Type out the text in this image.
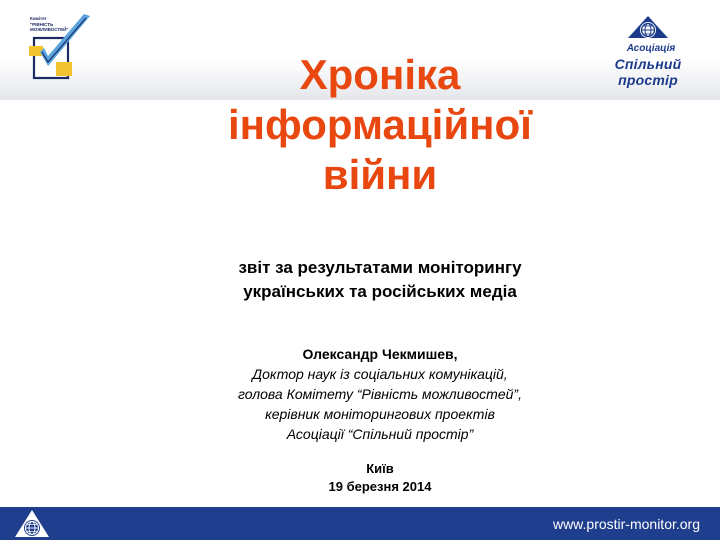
Комітет
"РІВНІСТЬ
МОЖЛИВОСТЕЙ"
Асоціація
Спільний простір
Хроніка
інформаційної
війни
звіт за результатами моніторингу
українських та російських медіа
Олександр Чекмишев,
Доктор наук із соціальних комунікацій,
голова Комітету “Рівність можливостей”,
керівник моніторингових проектів
Асоціації “Спільний простір”
Київ
19 березня 2014
www.prostir-monitor.org
